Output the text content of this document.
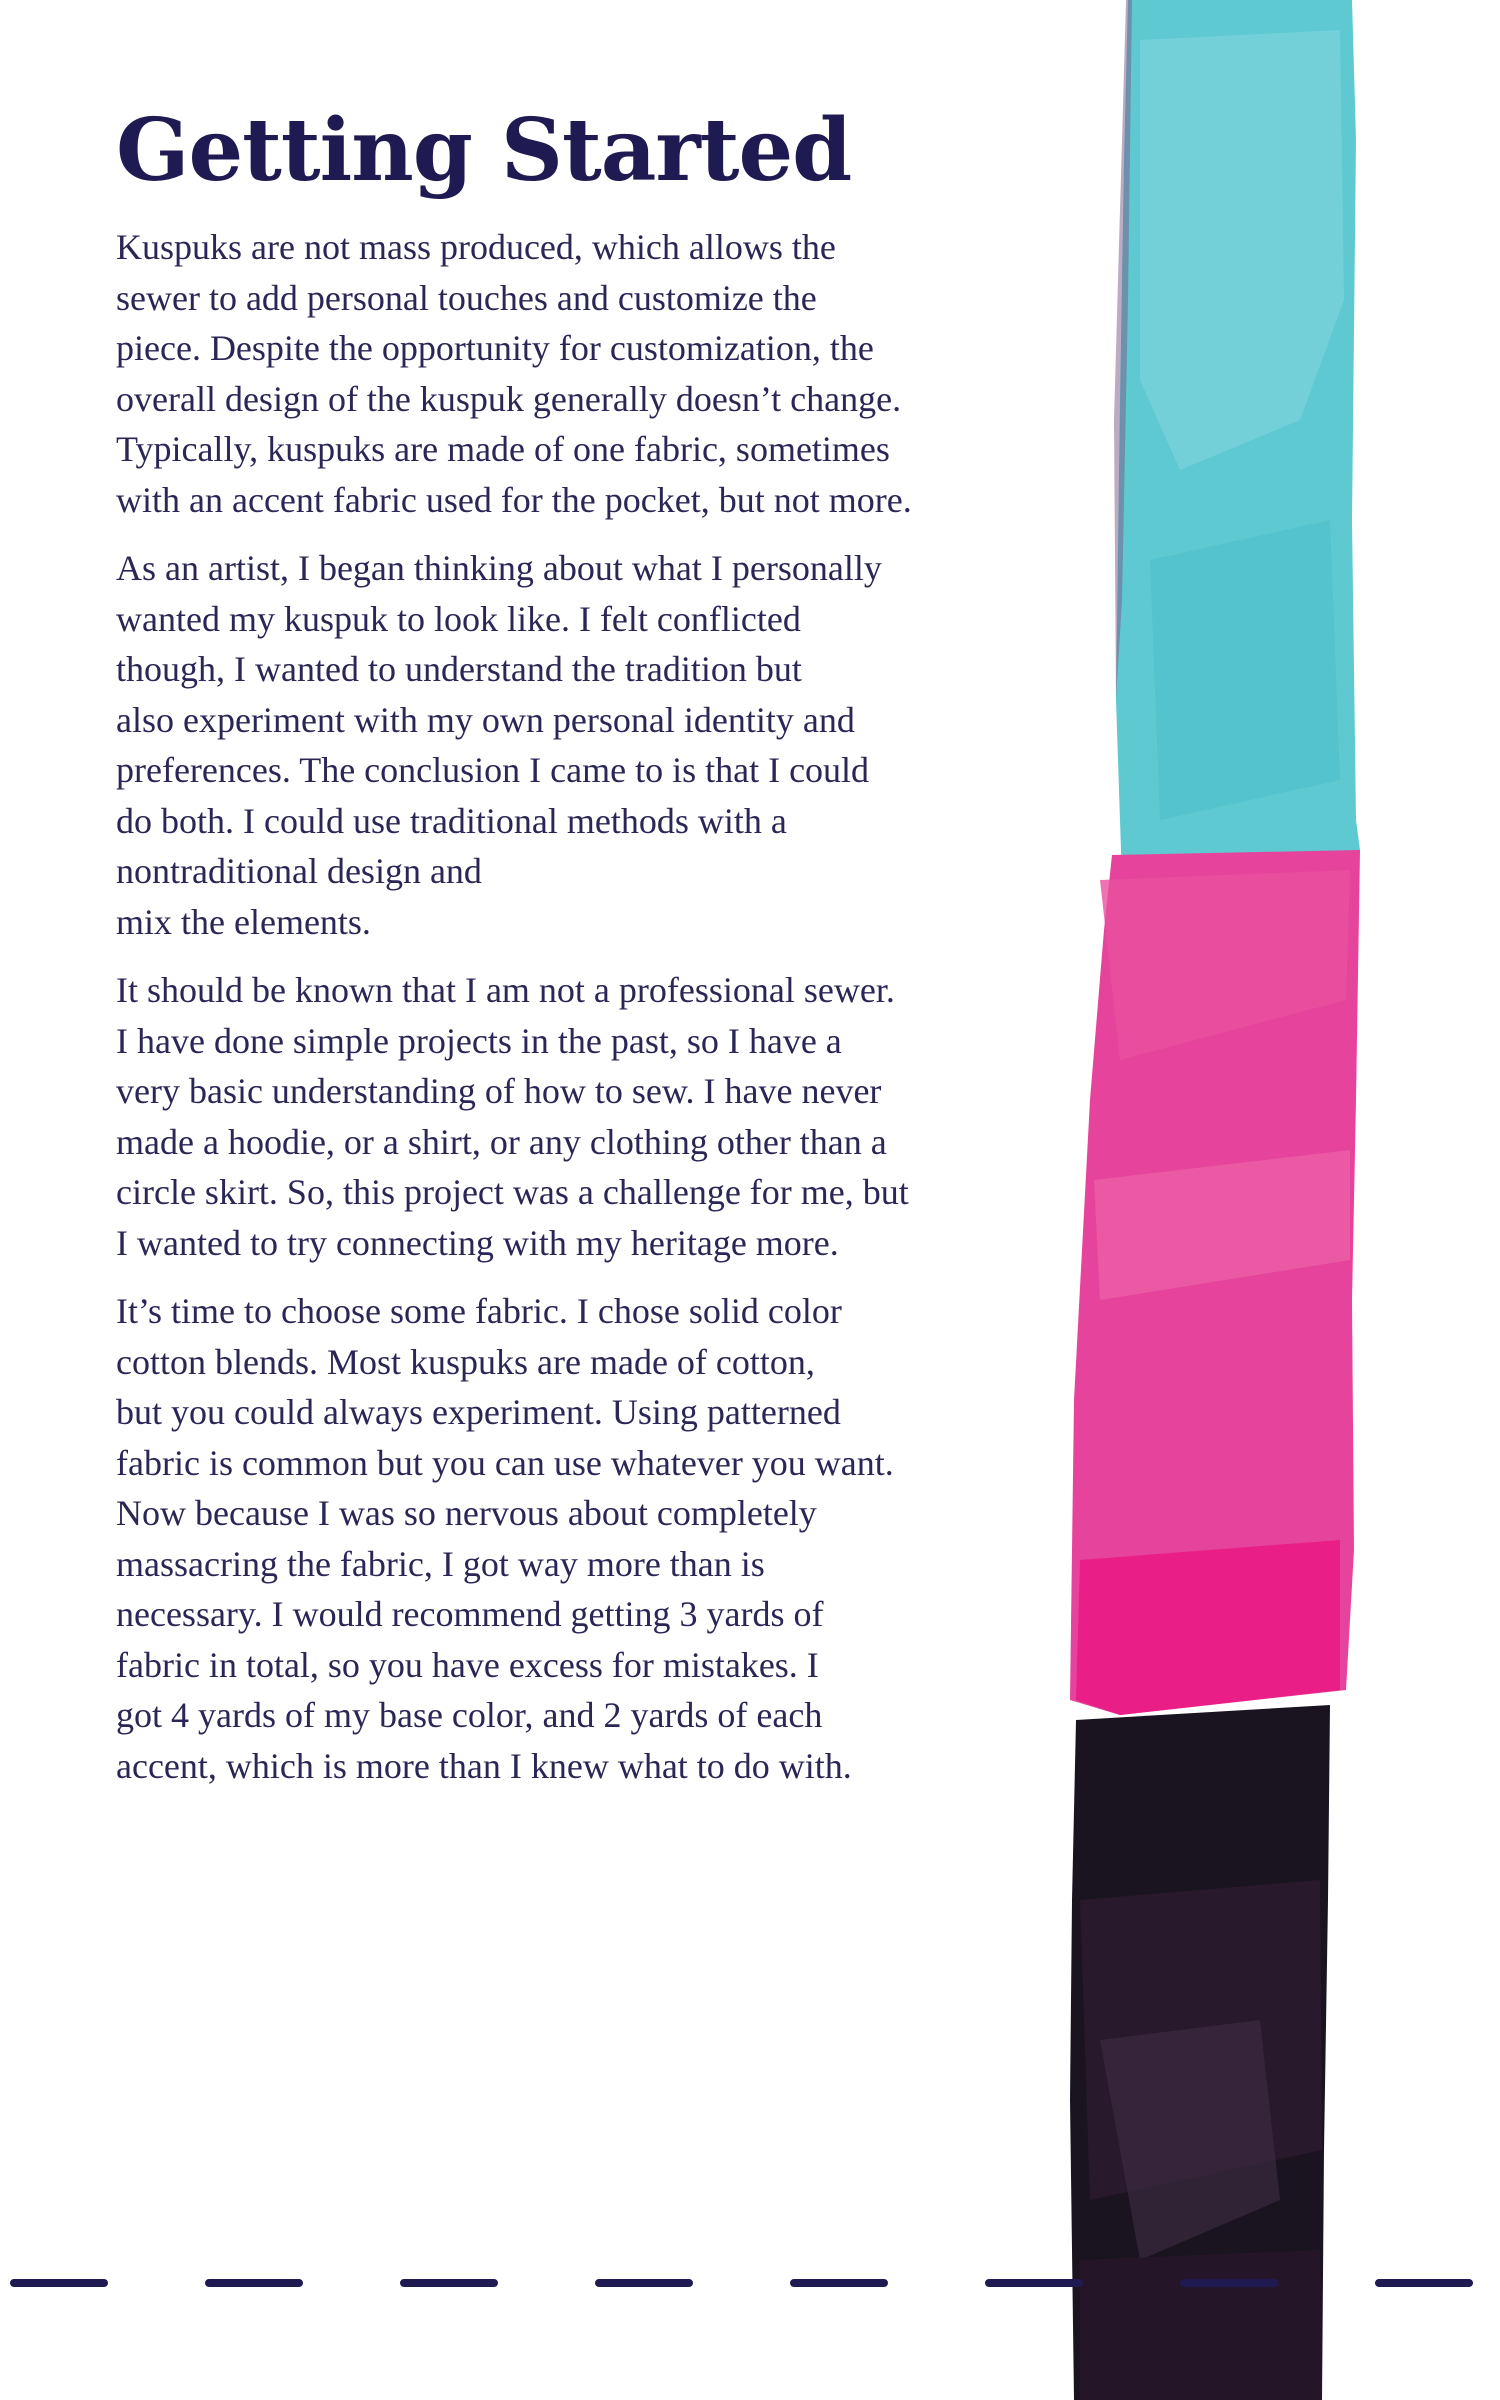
Getting Started

Kuspuks are not mass produced, which allows the
sewer to add personal touches and customize the
piece. Despite the opportunity for customization, the
overall design of the kuspuk generally doesn’t change.
Typically, kuspuks are made of one fabric, sometimes
with an accent fabric used for the pocket, but not more.

As an artist, I began thinking about what I personally
wanted my kuspuk to look like. I felt conflicted
though, I wanted to understand the tradition but
also experiment with my own personal identity and
preferences. The conclusion I came to is that I could
do both. I could use traditional methods with a
nontraditional design and
mix the elements.

It should be known that I am not a professional sewer.
I have done simple projects in the past, so I have a
very basic understanding of how to sew. I have never
made a hoodie, or a shirt, or any clothing other than a
circle skirt. So, this project was a challenge for me, but
I wanted to try connecting with my heritage more.

It’s time to choose some fabric. I chose solid color
cotton blends. Most kuspuks are made of cotton,
but you could always experiment. Using patterned
fabric is common but you can use whatever you want.
Now because I was so nervous about completely
massacring the fabric, I got way more than is
necessary. I would recommend getting 3 yards of
fabric in total, so you have excess for mistakes. I
got 4 yards of my base color, and 2 yards of each
accent, which is more than I knew what to do with.
